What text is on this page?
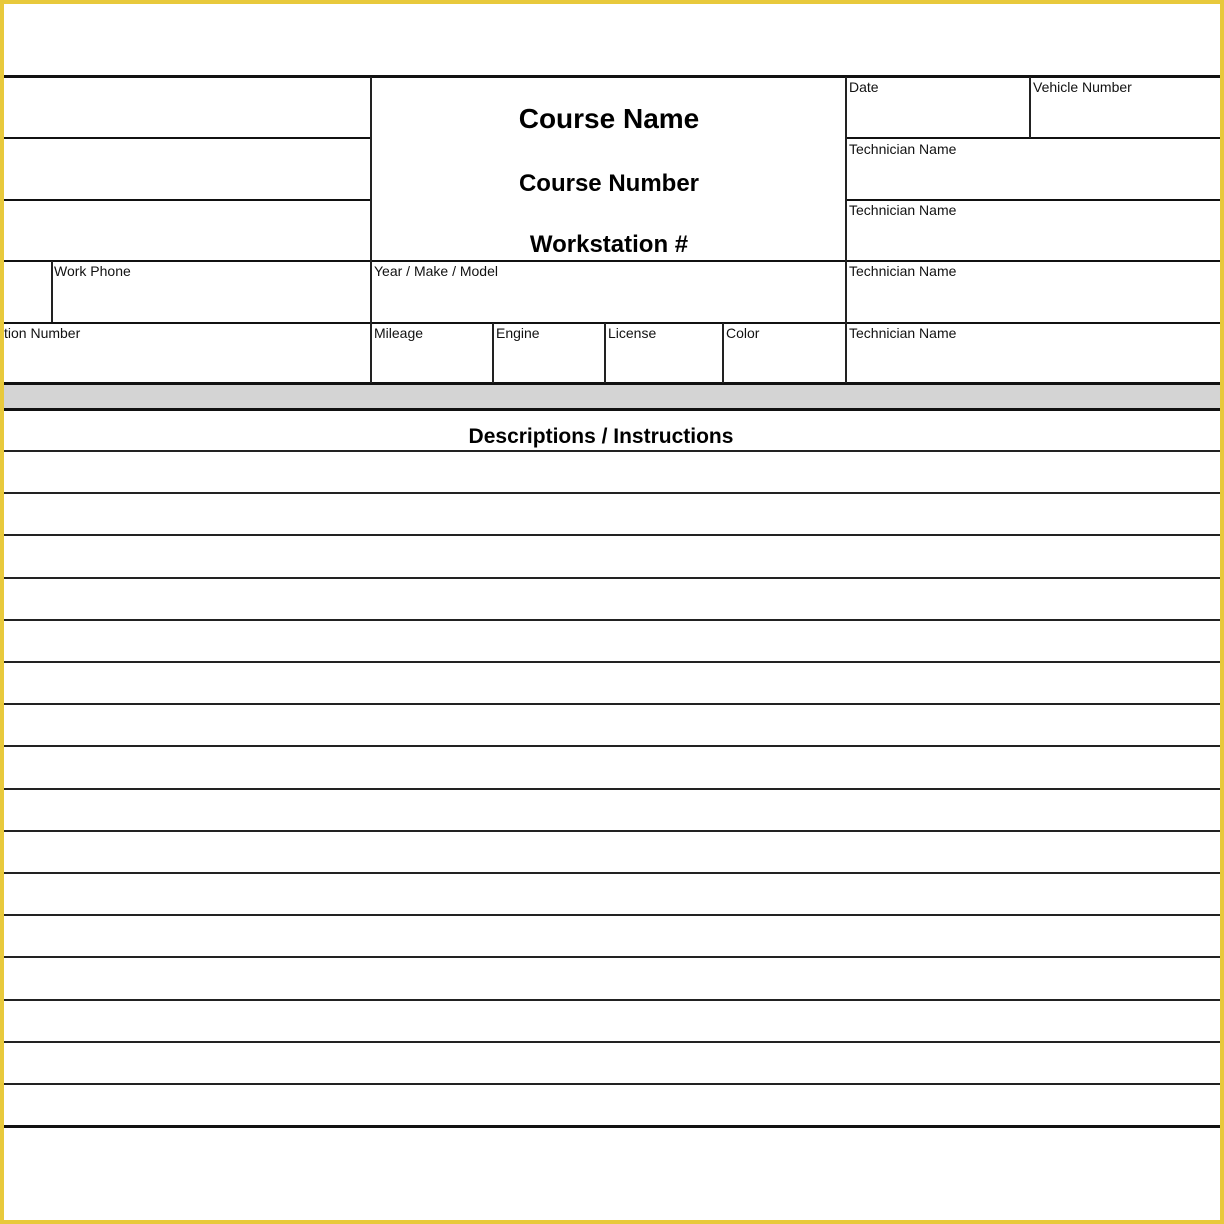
Course Name
Course Number
Workstation #
Date	Vehicle Number
Technician Name
Technician Name
Technician Name
Technician Name
Work Phone	Year / Make / Model
tion Number	Mileage	Engine	License	Color
Descriptions / Instructions
